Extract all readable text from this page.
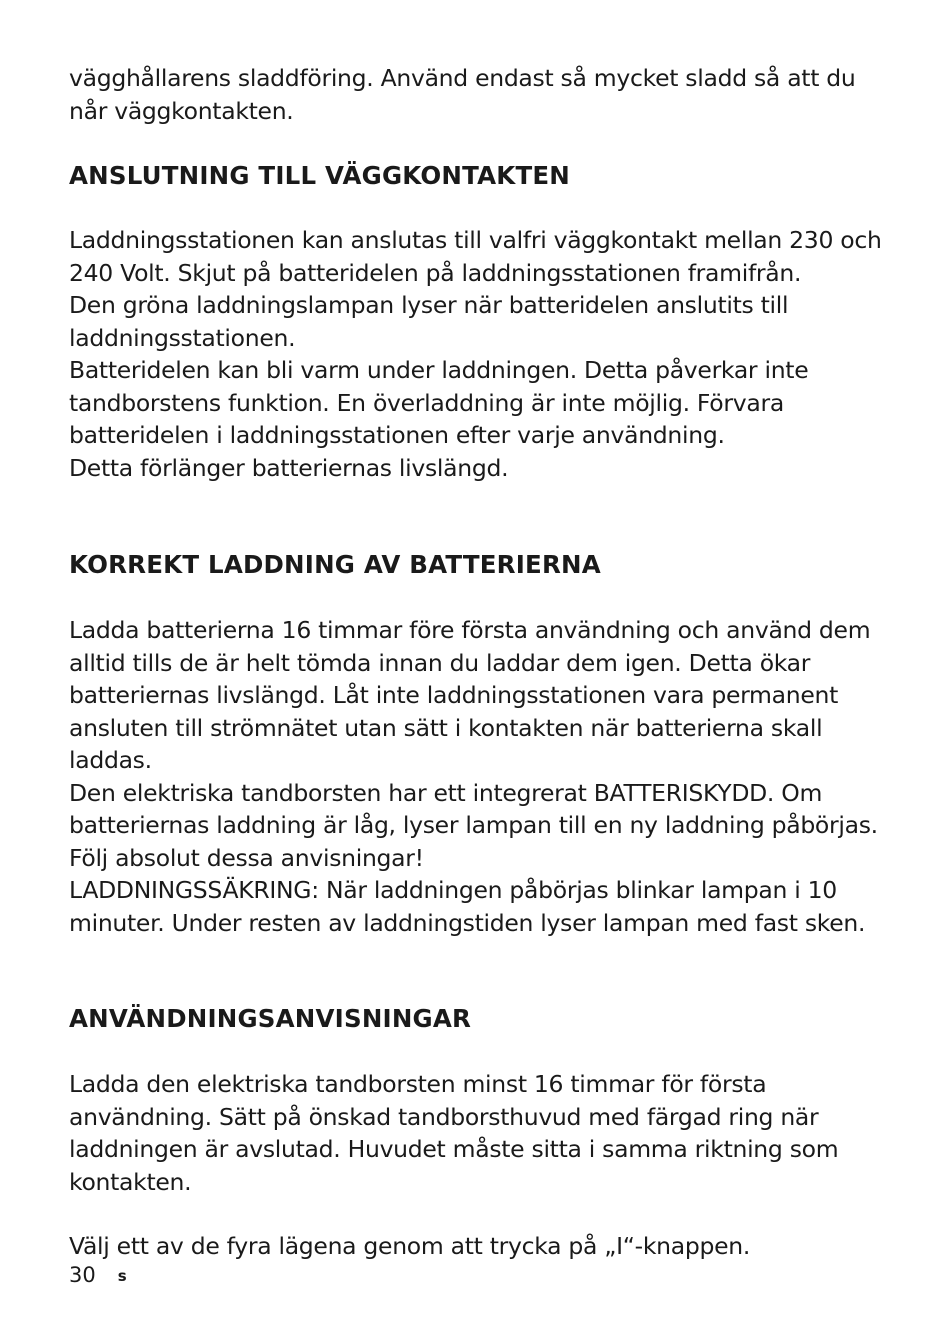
vägghållarens sladdföring. Använd endast så mycket sladd så att du
når väggkontakten.

ANSLUTNING TILL VÄGGKONTAKTEN

Laddningsstationen kan anslutas till valfri väggkontakt mellan 230 och
240 Volt. Skjut på batteridelen på laddningsstationen framifrån.
Den gröna laddningslampan lyser när batteridelen anslutits till
laddningsstationen.
Batteridelen kan bli varm under laddningen. Detta påverkar inte
tandborstens funktion. En överladdning är inte möjlig. Förvara
batteridelen i laddningsstationen efter varje användning.
Detta förlänger batteriernas livslängd.

KORREKT LADDNING AV BATTERIERNA

Ladda batterierna 16 timmar före första användning och använd dem
alltid tills de är helt tömda innan du laddar dem igen. Detta ökar
batteriernas livslängd. Låt inte laddningsstationen vara permanent
ansluten till strömnätet utan sätt i kontakten när batterierna skall laddas.
Den elektriska tandborsten har ett integrerat BATTERISKYDD. Om
batteriernas laddning är låg, lyser lampan till en ny laddning påbörjas.
Följ absolut dessa anvisningar!
LADDNINGSSÄKRING: När laddningen påbörjas blinkar lampan i 10
minuter. Under resten av laddningstiden lyser lampan med fast sken.

ANVÄNDNINGSANVISNINGAR

Ladda den elektriska tandborsten minst 16 timmar för första
användning. Sätt på önskad tandborsthuvud med färgad ring när
laddningen är avslutad. Huvudet måste sitta i samma riktning som
kontakten.

Välj ett av de fyra lägena genom att trycka på „I“-knappen.

30 s
